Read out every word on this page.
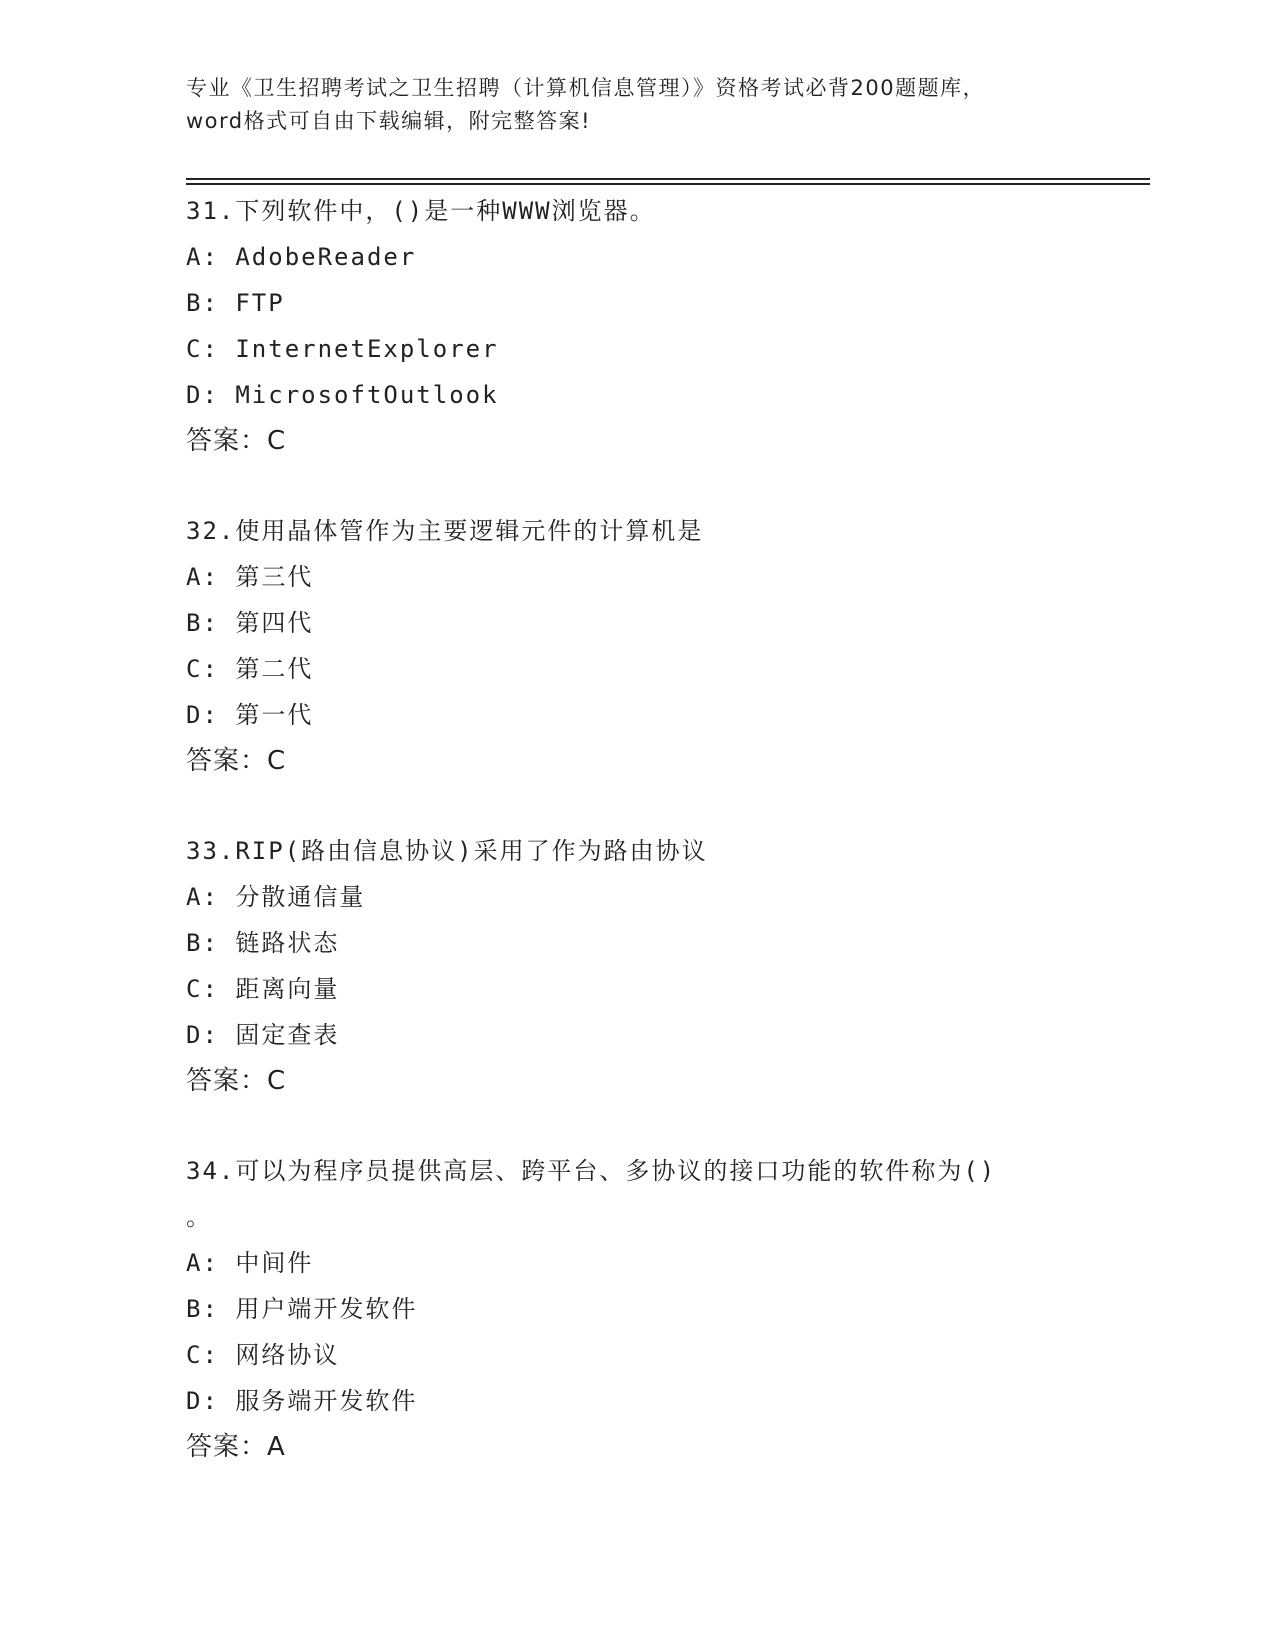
专业《卫生招聘考试之卫生招聘（计算机信息管理）》资格考试必背200题题库，
word格式可自由下载编辑，附完整答案!
31.下列软件中，()是一种WWW浏览器。
A: AdobeReader
B: FTP
C: InternetExplorer
D: MicrosoftOutlook
答案：C
32.使用晶体管作为主要逻辑元件的计算机是
A: 第三代
B: 第四代
C: 第二代
D: 第一代
答案：C
33.RIP(路由信息协议)采用了作为路由协议
A: 分散通信量
B: 链路状态
C: 距离向量
D: 固定查表
答案：C
34.可以为程序员提供高层、跨平台、多协议的接口功能的软件称为()
。
A: 中间件
B: 用户端开发软件
C: 网络协议
D: 服务端开发软件
答案：A
